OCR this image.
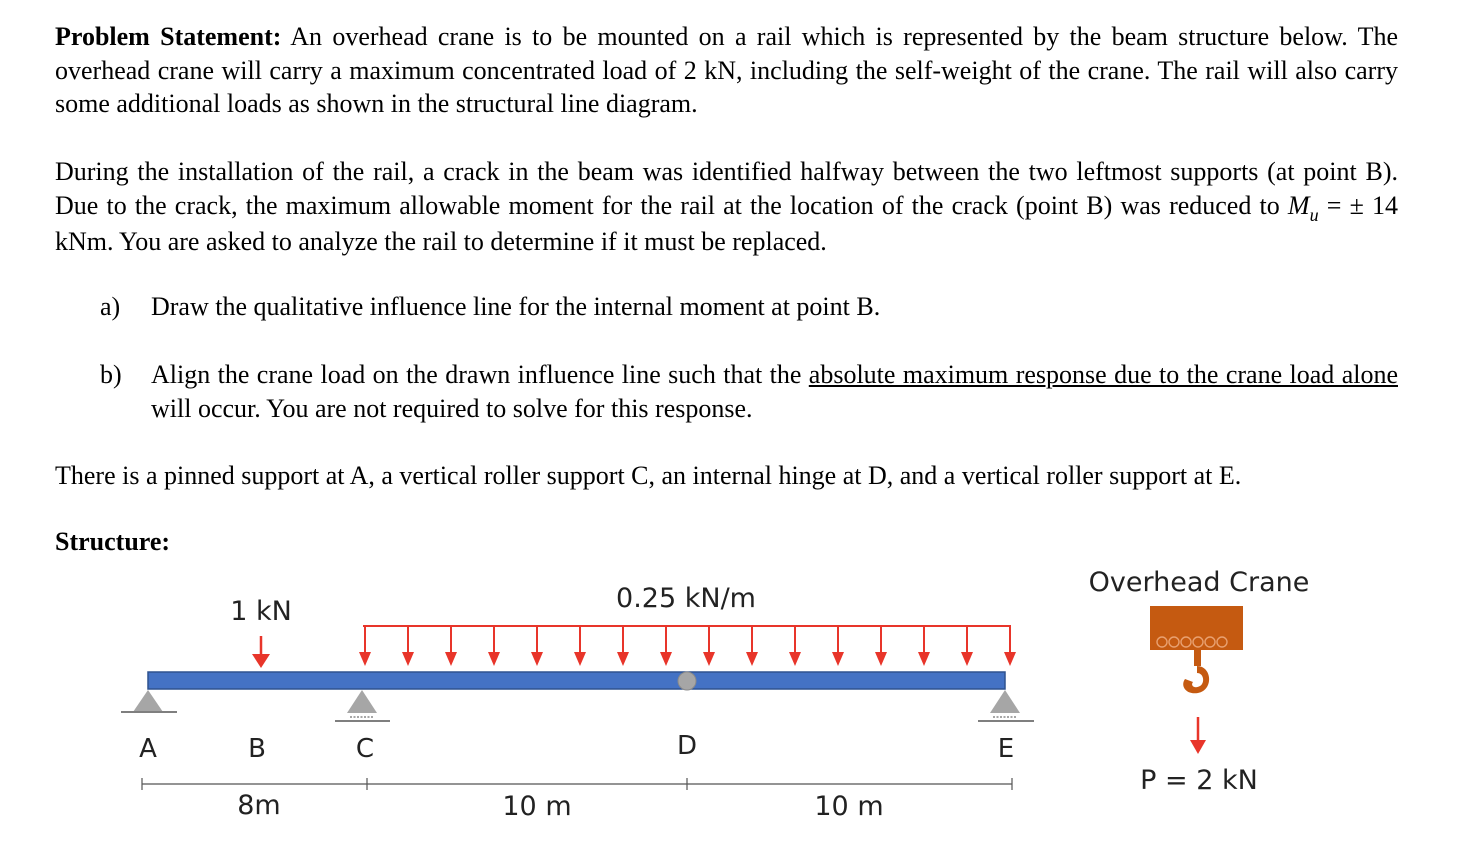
Problem Statement: An overhead crane is to be mounted on a rail which is represented by the beam structure below. The overhead crane will carry a maximum concentrated load of 2 kN, including the self-weight of the crane. The rail will also carry some additional loads as shown in the structural line diagram.
During the installation of the rail, a crack in the beam was identified halfway between the two leftmost supports (at point B). Due to the crack, the maximum allowable moment for the rail at the location of the crack (point B) was reduced to $M_u$ = ± 14 kNm. You are asked to analyze the rail to determine if it must be replaced.
a) Draw the qualitative influence line for the internal moment at point B.
b) Align the crane load on the drawn influence line such that the absolute maximum response due to the crane load alone will occur. You are not required to solve for this response.
There is a pinned support at A, a vertical roller support C, an internal hinge at D, and a vertical roller support at E.
Structure:
1 kN	0.25 kN/m
A	B	C	D	E
8m	10 m	10 m
Overhead Crane
P = 2 kN
